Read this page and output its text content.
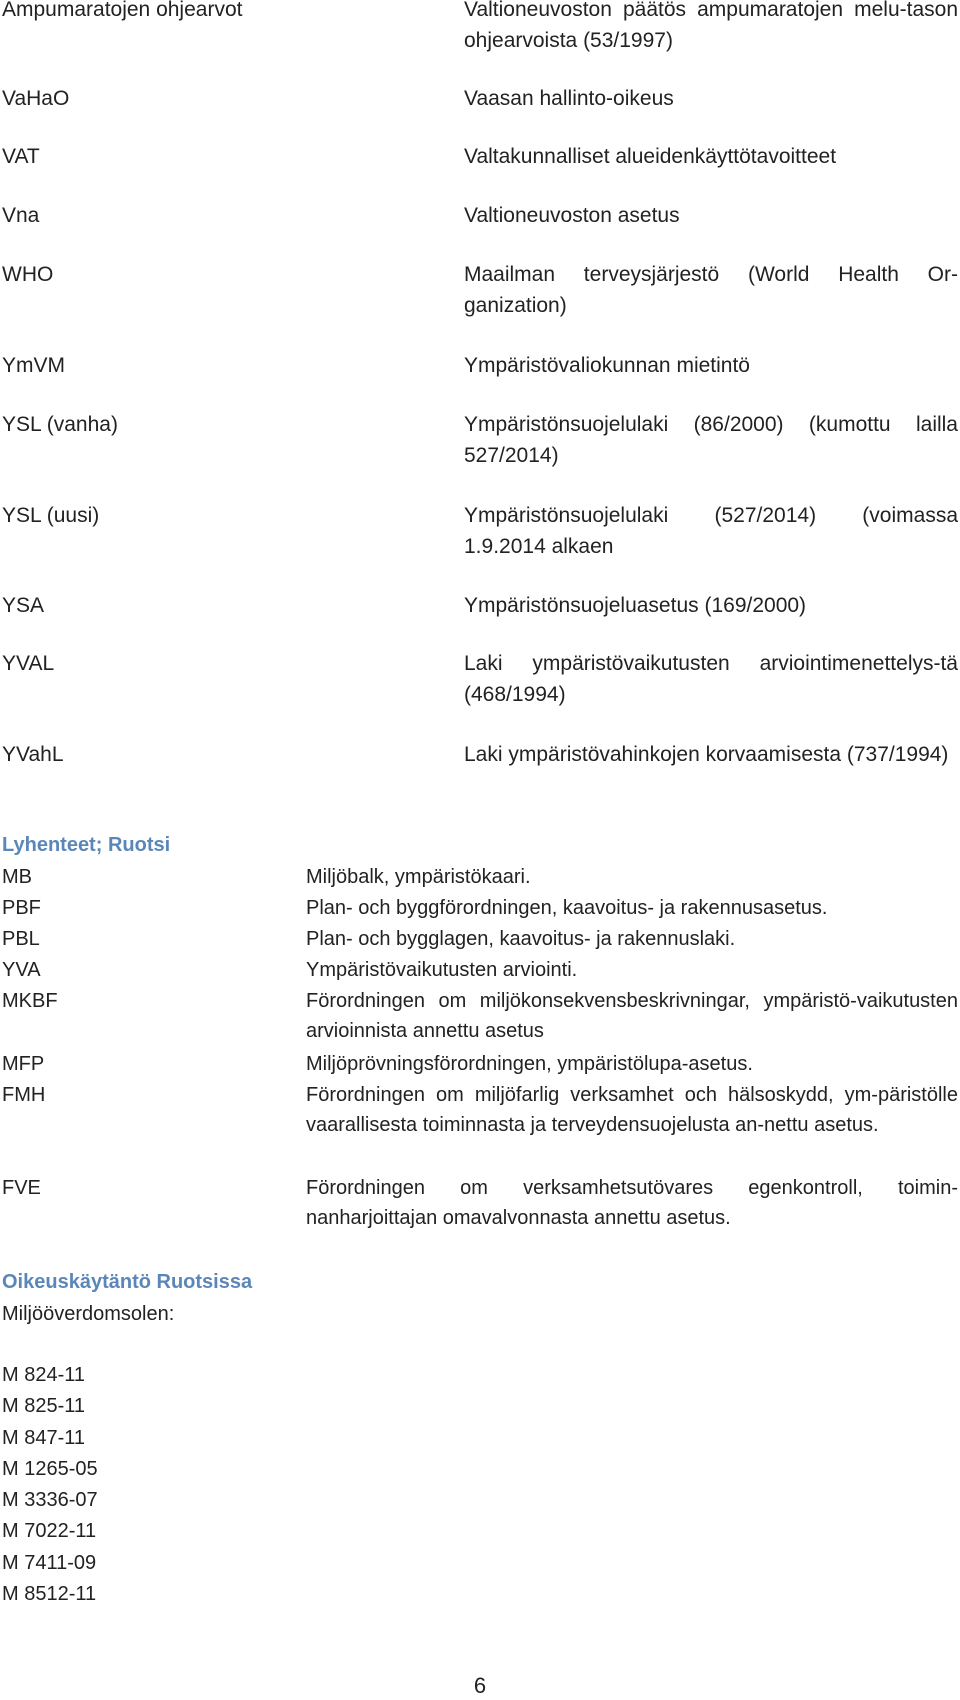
Ampumaratojen ohjearvot	Valtioneuvoston päätös ampumaratojen melu-tason ohjearvoista (53/1997)
VaHaO	Vaasan hallinto-oikeus
VAT	Valtakunnalliset alueidenkäyttötavoitteet
Vna	Valtioneuvoston asetus
WHO	Maailman terveysjärjestö (World Health Or-ganization)
YmVM	Ympäristövaliokunnan mietintö
YSL (vanha)	Ympäristönsuojelulaki (86/2000) (kumottu lailla 527/2014)
YSL (uusi)	Ympäristönsuojelulaki (527/2014) (voimassa 1.9.2014 alkaen
YSA	Ympäristönsuojeluasetus (169/2000)
YVAL	Laki ympäristövaikutusten arviointimenettelys-tä (468/1994)
YVahL	Laki ympäristövahinkojen korvaamisesta (737/1994)
Lyhenteet; Ruotsi
MB	Miljöbalk, ympäristökaari.
PBF	Plan- och byggförordningen, kaavoitus- ja rakennusasetus.
PBL	Plan- och bygglagen, kaavoitus- ja rakennuslaki.
YVA	Ympäristövaikutusten arviointi.
MKBF	Förordningen om miljökonsekvensbeskrivningar, ympäristö-vaikutusten arvioinnista annettu asetus
MFP	Miljöprövningsförordningen, ympäristölupa-asetus.
FMH	Förordningen om miljöfarlig verksamhet och hälsoskydd, ym-päristölle vaarallisesta toiminnasta ja terveydensuojelusta an-nettu asetus.
FVE	Förordningen om verksamhetsutövares egenkontroll, toimin-nanharjoittajan omavalvonnasta annettu asetus.
Oikeuskäytäntö Ruotsissa
Miljööverdomsolen:
M 824-11
M 825-11
M 847-11
M 1265-05
M 3336-07
M 7022-11
M 7411-09
M 8512-11
6
